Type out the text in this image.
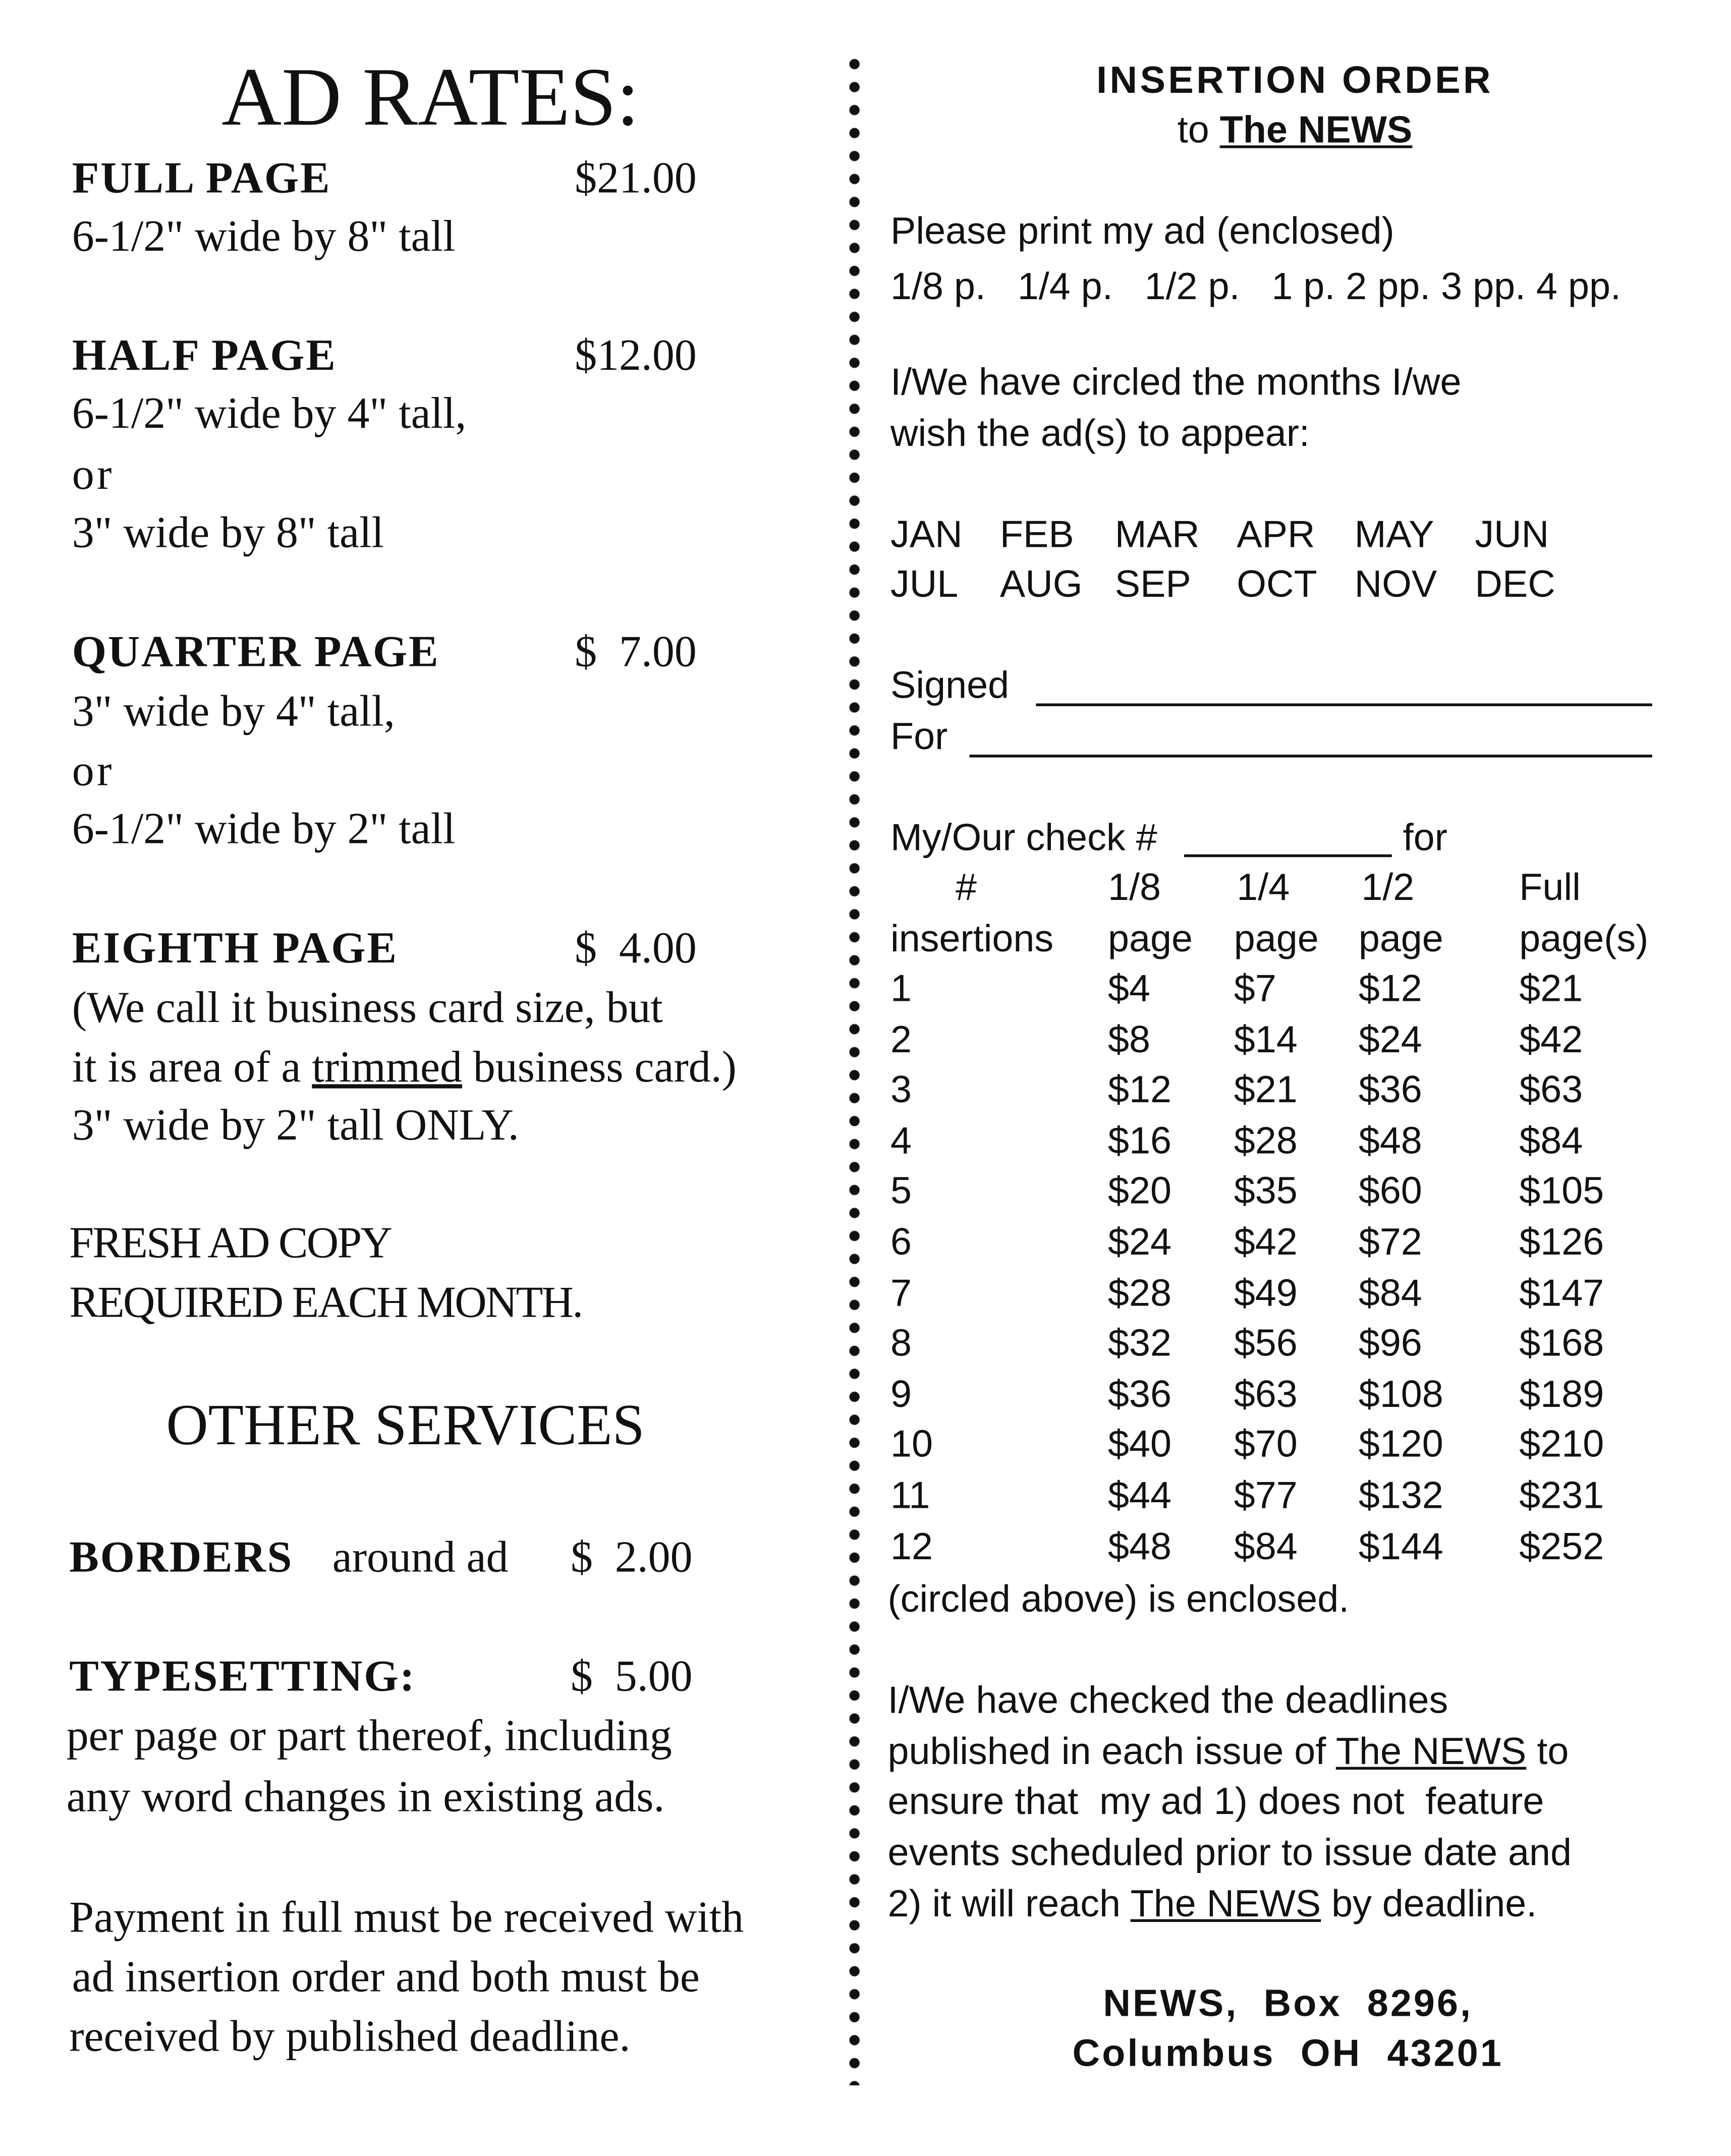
AD RATES:
FULL PAGE	$21.00
6-1/2" wide by 8" tall
HALF PAGE	$12.00
6-1/2" wide by 4" tall,
or
3" wide by 8" tall
QUARTER PAGE	$  7.00
3" wide by 4" tall,
or
6-1/2" wide by 2" tall
EIGHTH PAGE	$  4.00
(We call it business card size, but
it is area of a trimmed business card.)
3" wide by 2" tall ONLY.
FRESH AD COPY
REQUIRED EACH MONTH.
OTHER SERVICES
BORDERS around ad	$  2.00
TYPESETTING:	$  5.00
per page or part thereof, including
any word changes in existing ads.
Payment in full must be received with
ad insertion order and both must be
received by published deadline.
INSERTION ORDER
to The NEWS
Please print my ad (enclosed)
1/8 p.   1/4 p.   1/2 p.   1 p. 2 pp. 3 pp. 4 pp.
I/We have circled the months I/we
wish the ad(s) to appear:
Signed
For
My/Our check #	for
(circled above) is enclosed.
I/We have checked the deadlines
published in each issue of The NEWS to
ensure that  my ad 1) does not  feature
events scheduled prior to issue date and
2) it will reach The NEWS by deadline.
NEWS,  Box  8296,
Columbus  OH  43201
JAN	FEB	MAR	APR	MAY	JUN
JUL	AUG SEP	OCT	NOV	DEC
#	1/8	1/4	1/2	Full
insertions	page	page	page	page(s)
1	$4	$7	$12	$21
2	$8	$14	$24	$42
3	$12	$21	$36	$63
4	$16	$28	$48	$84
5	$20	$35	$60	$105
6	$24	$42	$72	$126
7	$28	$49	$84	$147
8	$32	$56	$96	$168
9	$36	$63	$108	$189
10	$40	$70	$120	$210
11	$44	$77	$132	$231
12	$48	$84	$144	$252
